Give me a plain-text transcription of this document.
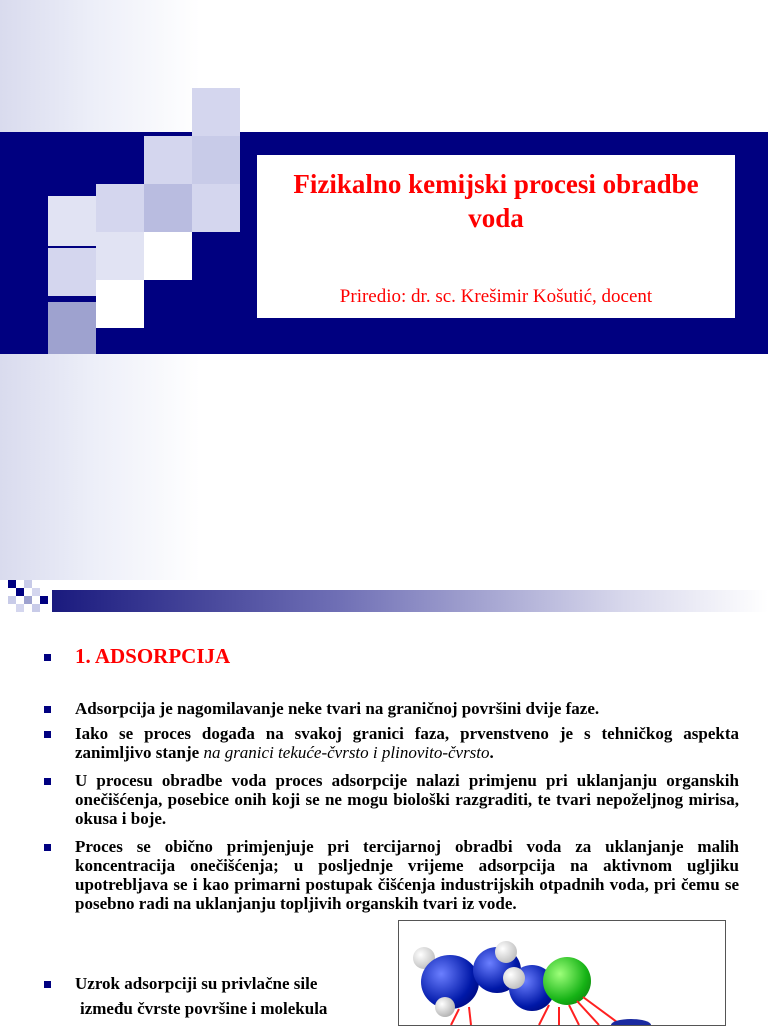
Fizikalno kemijski procesi obradbe voda
Priredio: dr. sc. Krešimir Košutić, docent
1. ADSORPCIJA
Adsorpcija je nagomilavanje neke tvari na graničnoj površini dvije faze.
Iako se proces događa na svakoj granici faza, prvenstveno je s tehničkog aspekta zanimljivo stanje na granici tekuće-čvrsto i plinovito-čvrsto.
U procesu obradbe voda proces adsorpcije nalazi primjenu pri uklanjanju organskih onečišćenja, posebice onih koji se ne mogu biološki razgraditi, te tvari nepoželjnog mirisa, okusa i boje.
Proces se obično primjenjuje pri tercijarnoj obradbi voda za uklanjanje malih koncentracija onečišćenja; u posljednje vrijeme adsorpcija na aktivnom ugljiku upotrebljava se i kao primarni postupak čišćenja industrijskih otpadnih voda, pri čemu se posebno radi na uklanjanju topljivih organskih tvari iz vode.
Uzrok adsorpciji su privlačne sile
između čvrste površine i molekula
